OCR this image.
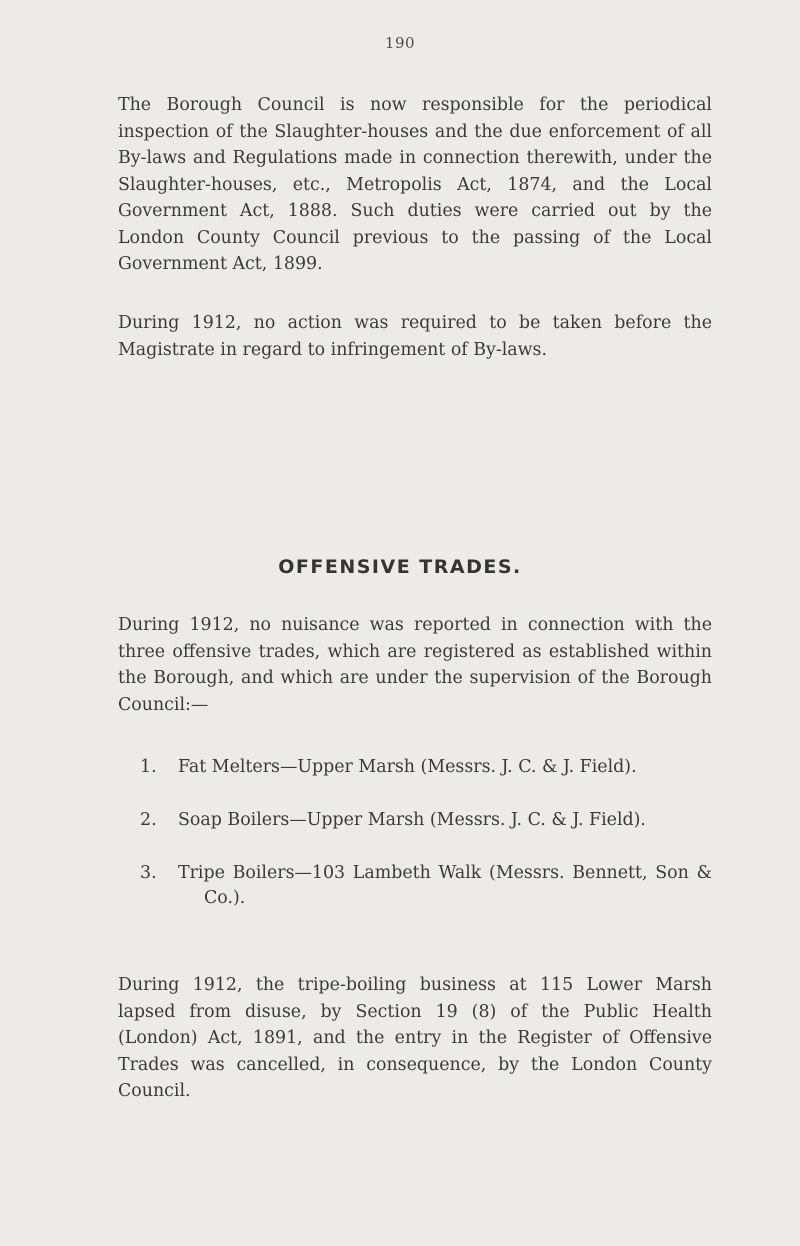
190

The Borough Council is now responsible for the periodical inspection of the Slaughter-houses and the due enforcement of all By-laws and Regulations made in connection therewith, under the Slaughter-houses, etc., Metropolis Act, 1874, and the Local Government Act, 1888. Such duties were carried out by the London County Council previous to the passing of the Local Government Act, 1899.

During 1912, no action was required to be taken before the Magistrate in regard to infringement of By-laws.

OFFENSIVE TRADES.

During 1912, no nuisance was reported in connection with the three offensive trades, which are registered as established within the Borough, and which are under the supervision of the Borough Council:—

1. Fat Melters—Upper Marsh (Messrs. J. C. & J. Field).
2. Soap Boilers—Upper Marsh (Messrs. J. C. & J. Field).
3. Tripe Boilers—103 Lambeth Walk (Messrs. Bennett, Son & Co.).

During 1912, the tripe-boiling business at 115 Lower Marsh lapsed from disuse, by Section 19 (8) of the Public Health (London) Act, 1891, and the entry in the Register of Offensive Trades was cancelled, in consequence, by the London County Council.
